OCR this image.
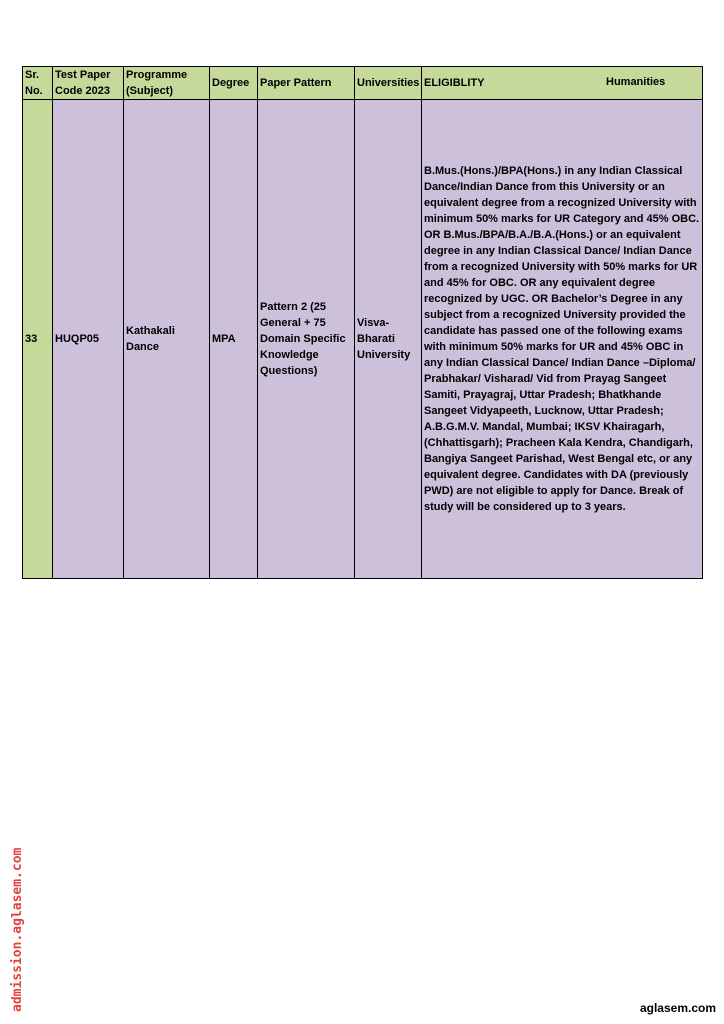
Sr. No.	Test Paper Code 2023	Programme (Subject)	Degree	Paper Pattern	Universities	ELIGIBLITY Humanities

33	HUQP05	Kathakali Dance	MPA	Pattern 2 (25 General + 75 Domain Specific Knowledge Questions)	Visva-Bharati University	B.Mus.(Hons.)/BPA(Hons.) in any Indian Classical Dance/Indian Dance from this University or an equivalent degree from a recognized University with minimum 50% marks for UR Category and 45% OBC. OR B.Mus./BPA/B.A./B.A.(Hons.) or an equivalent degree in any Indian Classical Dance/ Indian Dance from a recognized University with 50% marks for UR and 45% for OBC. OR any equivalent degree recognized by UGC. OR Bachelor’s Degree in any subject from a recognized University provided the candidate has passed one of the following exams with minimum 50% marks for UR and 45% OBC in any Indian Classical Dance/ Indian Dance –Diploma/ Prabhakar/ Visharad/ Vid from Prayag Sangeet Samiti, Prayagraj, Uttar Pradesh; Bhatkhande Sangeet Vidyapeeth, Lucknow, Uttar Pradesh; A.B.G.M.V. Mandal, Mumbai; IKSV Khairagarh, (Chhattisgarh); Pracheen Kala Kendra, Chandigarh, Bangiya Sangeet Parishad, West Bengal etc, or any equivalent degree. Candidates with DA (previously PWD) are not eligible to apply for Dance. Break of study will be considered up to 3 years.
admission.aglasem.com	aglasem.com
